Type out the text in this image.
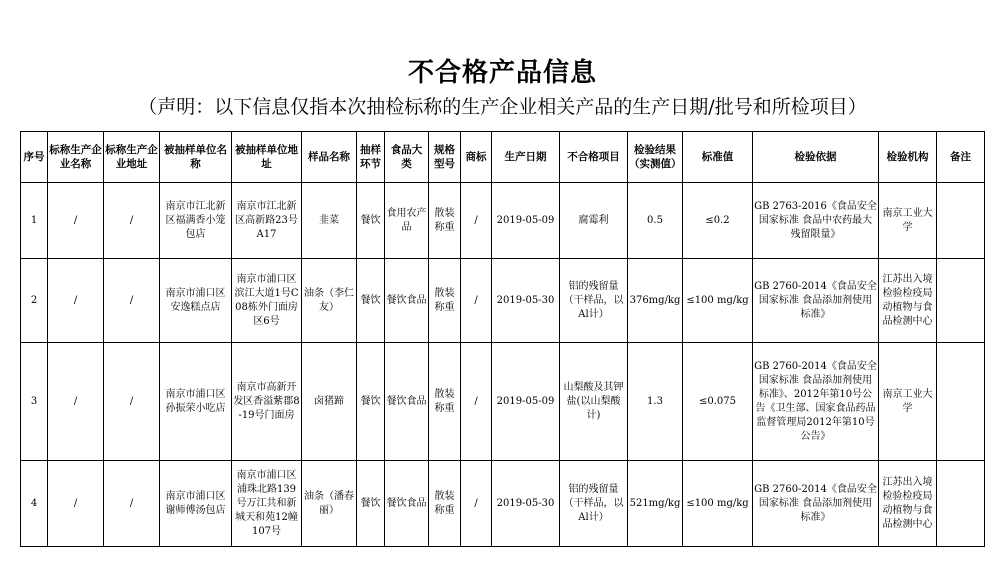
不合格产品信息
（声明：以下信息仅指本次抽检标称的生产企业相关产品的生产日期/批号和所检项目）
序号	标称生产企业名称	标称生产企业地址	被抽样单位名称	被抽样单位地址	样品名称	抽样环节	食品大类	规格型号	商标	生产日期	不合格项目	检验结果（实测值）	标准值	检验依据	检验机构	备注
1	/	/	南京市江北新区福满香小笼包店	南京市江北新区高新路23号A17	韭菜	餐饮	食用农产品	散装称重	/	2019-05-09	腐霉利	0.5	≤0.2	GB 2763-2016《食品安全国家标准 食品中农药最大残留限量》	南京工业大学	
2	/	/	南京市浦口区安逸糕点店	南京市浦口区滨江大道1号C08栋外门面房区6号	油条（李仁友）	餐饮	餐饮食品	散装称重	/	2019-05-30	铝的残留量（干样品，以Al计）	376mg/kg	≤100 mg/kg	GB 2760-2014《食品安全国家标准 食品添加剂使用标准》	江苏出入境检验检疫局动植物与食品检测中心	
3	/	/	南京市浦口区孙振荣小吃店	南京市高新开发区香溢紫郡8-19号门面房	卤猪蹄	餐饮	餐饮食品	散装称重	/	2019-05-09	山梨酸及其钾盐(以山梨酸计)	1.3	≤0.075	GB 2760-2014《食品安全国家标准 食品添加剂使用标准》、2012年第10号公告《卫生部、国家食品药品监督管理局2012年第10号公告》	南京工业大学	
4	/	/	南京市浦口区谢师傅汤包店	南京市浦口区浦珠北路139号万江共和新城天和苑12幢107号	油条（潘春丽）	餐饮	餐饮食品	散装称重	/	2019-05-30	铝的残留量（干样品，以Al计）	521mg/kg	≤100 mg/kg	GB 2760-2014《食品安全国家标准 食品添加剂使用标准》	江苏出入境检验检疫局动植物与食品检测中心	
